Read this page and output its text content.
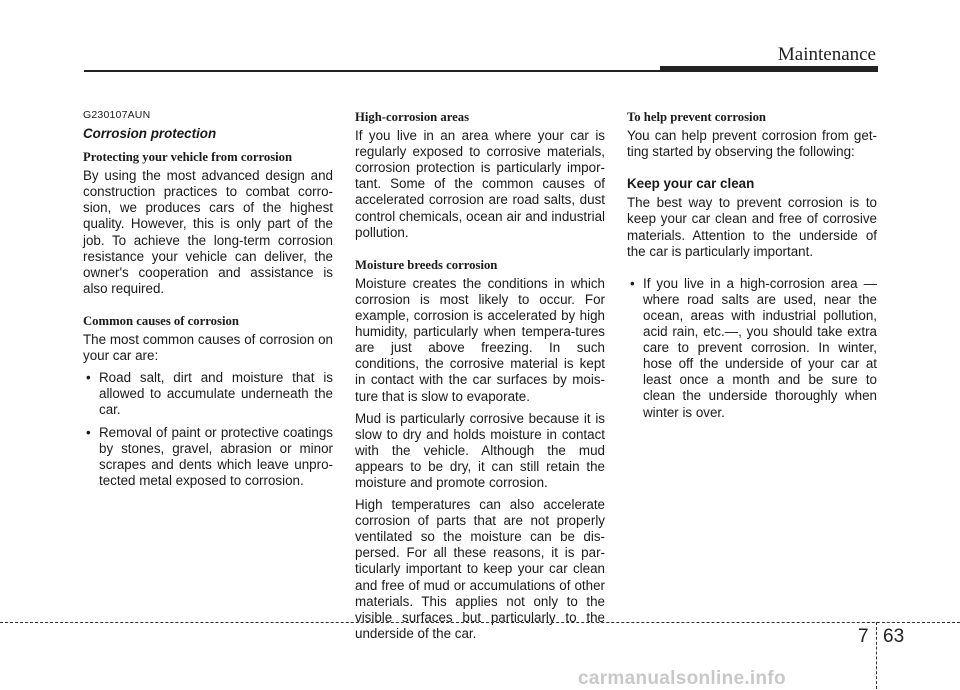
Maintenance
G230107AUN
Corrosion protection
Protecting your vehicle from corrosion

By using the most advanced design and construction practices to combat corro-sion, we produces cars of the highest quality. However, this is only part of the job. To achieve the long-term corrosion resistance your vehicle can deliver, the owner's cooperation and assistance is also required.

Common causes of corrosion

The most common causes of corrosion on your car are:

• Road salt, dirt and moisture that is allowed to accumulate underneath the car.
• Removal of paint or protective coatings by stones, gravel, abrasion or minor scrapes and dents which leave unpro-tected metal exposed to corrosion.
High-corrosion areas

If you live in an area where your car is regularly exposed to corrosive materials, corrosion protection is particularly impor-tant. Some of the common causes of accelerated corrosion are road salts, dust control chemicals, ocean air and industrial pollution.

Moisture breeds corrosion

Moisture creates the conditions in which corrosion is most likely to occur. For example, corrosion is accelerated by high humidity, particularly when tempera-tures are just above freezing. In such conditions, the corrosive material is kept in contact with the car surfaces by mois-ture that is slow to evaporate.

Mud is particularly corrosive because it is slow to dry and holds moisture in contact with the vehicle. Although the mud appears to be dry, it can still retain the moisture and promote corrosion.

High temperatures can also accelerate corrosion of parts that are not properly ventilated so the moisture can be dis-persed. For all these reasons, it is par-ticularly important to keep your car clean and free of mud or accumulations of other materials. This applies not only to the visible surfaces but particularly to the underside of the car.

To help prevent corrosion

You can help prevent corrosion from get-ting started by observing the following:

Keep your car clean

The best way to prevent corrosion is to keep your car clean and free of corrosive materials. Attention to the underside of the car is particularly important.

• If you live in a high-corrosion area — where road salts are used, near the ocean, areas with industrial pollution, acid rain, etc.—, you should take extra care to prevent corrosion. In winter, hose off the underside of your car at least once a month and be sure to clean the underside thoroughly when winter is over.
7 63
carmanualsonline.info
